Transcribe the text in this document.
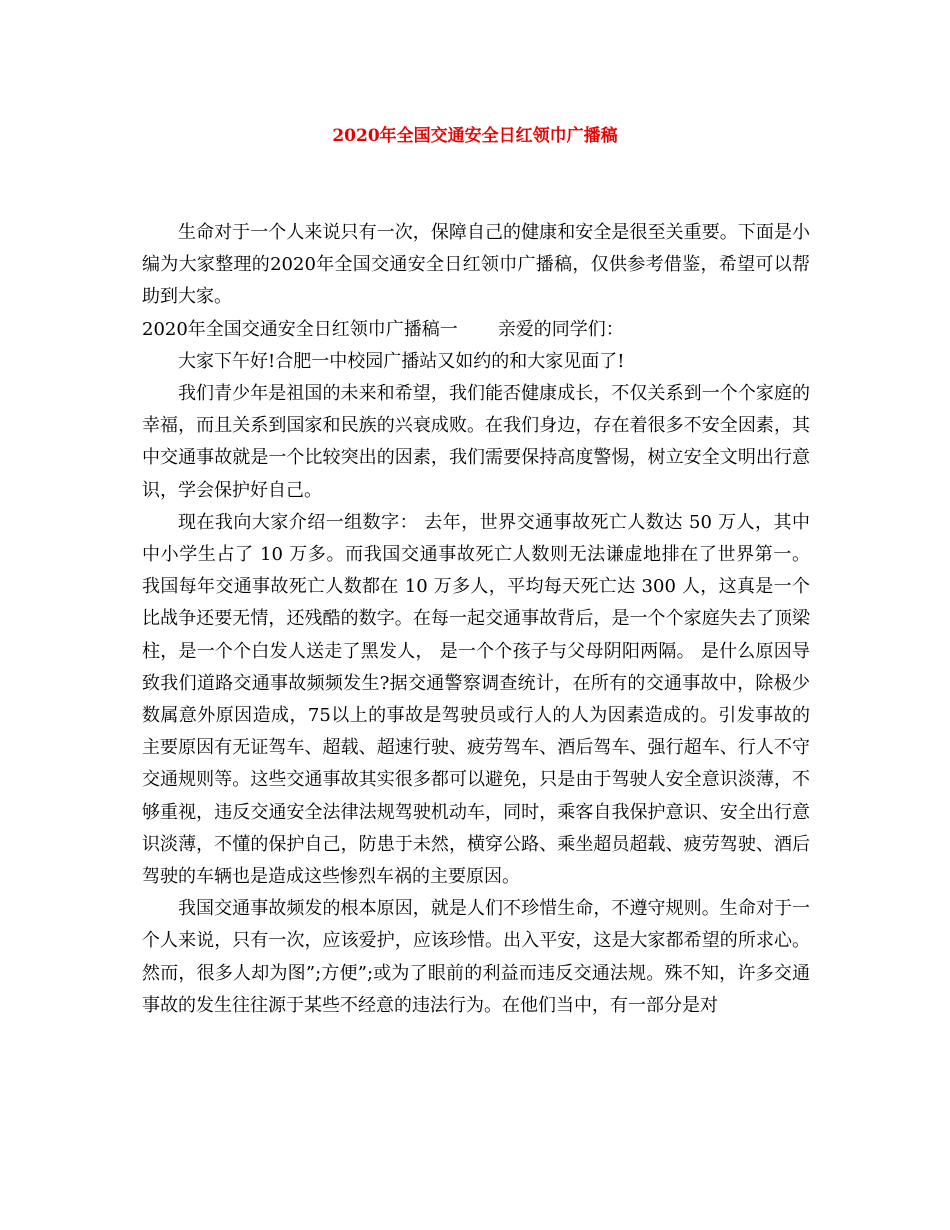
2020年全国交通安全日红领巾广播稿

生命对于一个人来说只有一次，保障自己的健康和安全是很至关重要。下面是小编为大家整理的2020年全国交通安全日红领巾广播稿，仅供参考借鉴，希望可以帮助到大家。

2020年全国交通安全日红领巾广播稿一 亲爱的同学们：

大家下午好!合肥一中校园广播站又如约的和大家见面了!

我们青少年是祖国的未来和希望，我们能否健康成长，不仅关系到一个个家庭的幸福，而且关系到国家和民族的兴衰成败。在我们身边，存在着很多不安全因素，其中交通事故就是一个比较突出的因素，我们需要保持高度警惕，树立安全文明出行意识，学会保护好自己。

现在我向大家介绍一组数字： 去年，世界交通事故死亡人数达 50 万人，其中中小学生占了 10 万多。而我国交通事故死亡人数则无法谦虚地排在了世界第一。 我国每年交通事故死亡人数都在 10 万多人，平均每天死亡达 300 人，这真是一个比战争还要无情，还残酷的数字。在每一起交通事故背后，是一个个家庭失去了顶梁柱，是一个个白发人送走了黑发人， 是一个个孩子与父母阴阳两隔。 是什么原因导致我们道路交通事故频频发生?据交通警察调查统计，在所有的交通事故中，除极少数属意外原因造成，75以上的事故是驾驶员或行人的人为因素造成的。引发事故的主要原因有无证驾车、超载、超速行驶、疲劳驾车、酒后驾车、强行超车、行人不守交通规则等。这些交通事故其实很多都可以避免，只是由于驾驶人安全意识淡薄，不够重视，违反交通安全法律法规驾驶机动车，同时，乘客自我保护意识、安全出行意识淡薄，不懂的保护自己，防患于未然，横穿公路、乘坐超员超载、疲劳驾驶、酒后驾驶的车辆也是造成这些惨烈车祸的主要原因。

我国交通事故频发的根本原因，就是人们不珍惜生命，不遵守规则。生命对于一个人来说，只有一次，应该爱护，应该珍惜。出入平安，这是大家都希望的所求心。然而，很多人却为图”;方便”;或为了眼前的利益而违反交通法规。殊不知，许多交通事故的发生往往源于某些不经意的违法行为。在他们当中，有一部分是对
